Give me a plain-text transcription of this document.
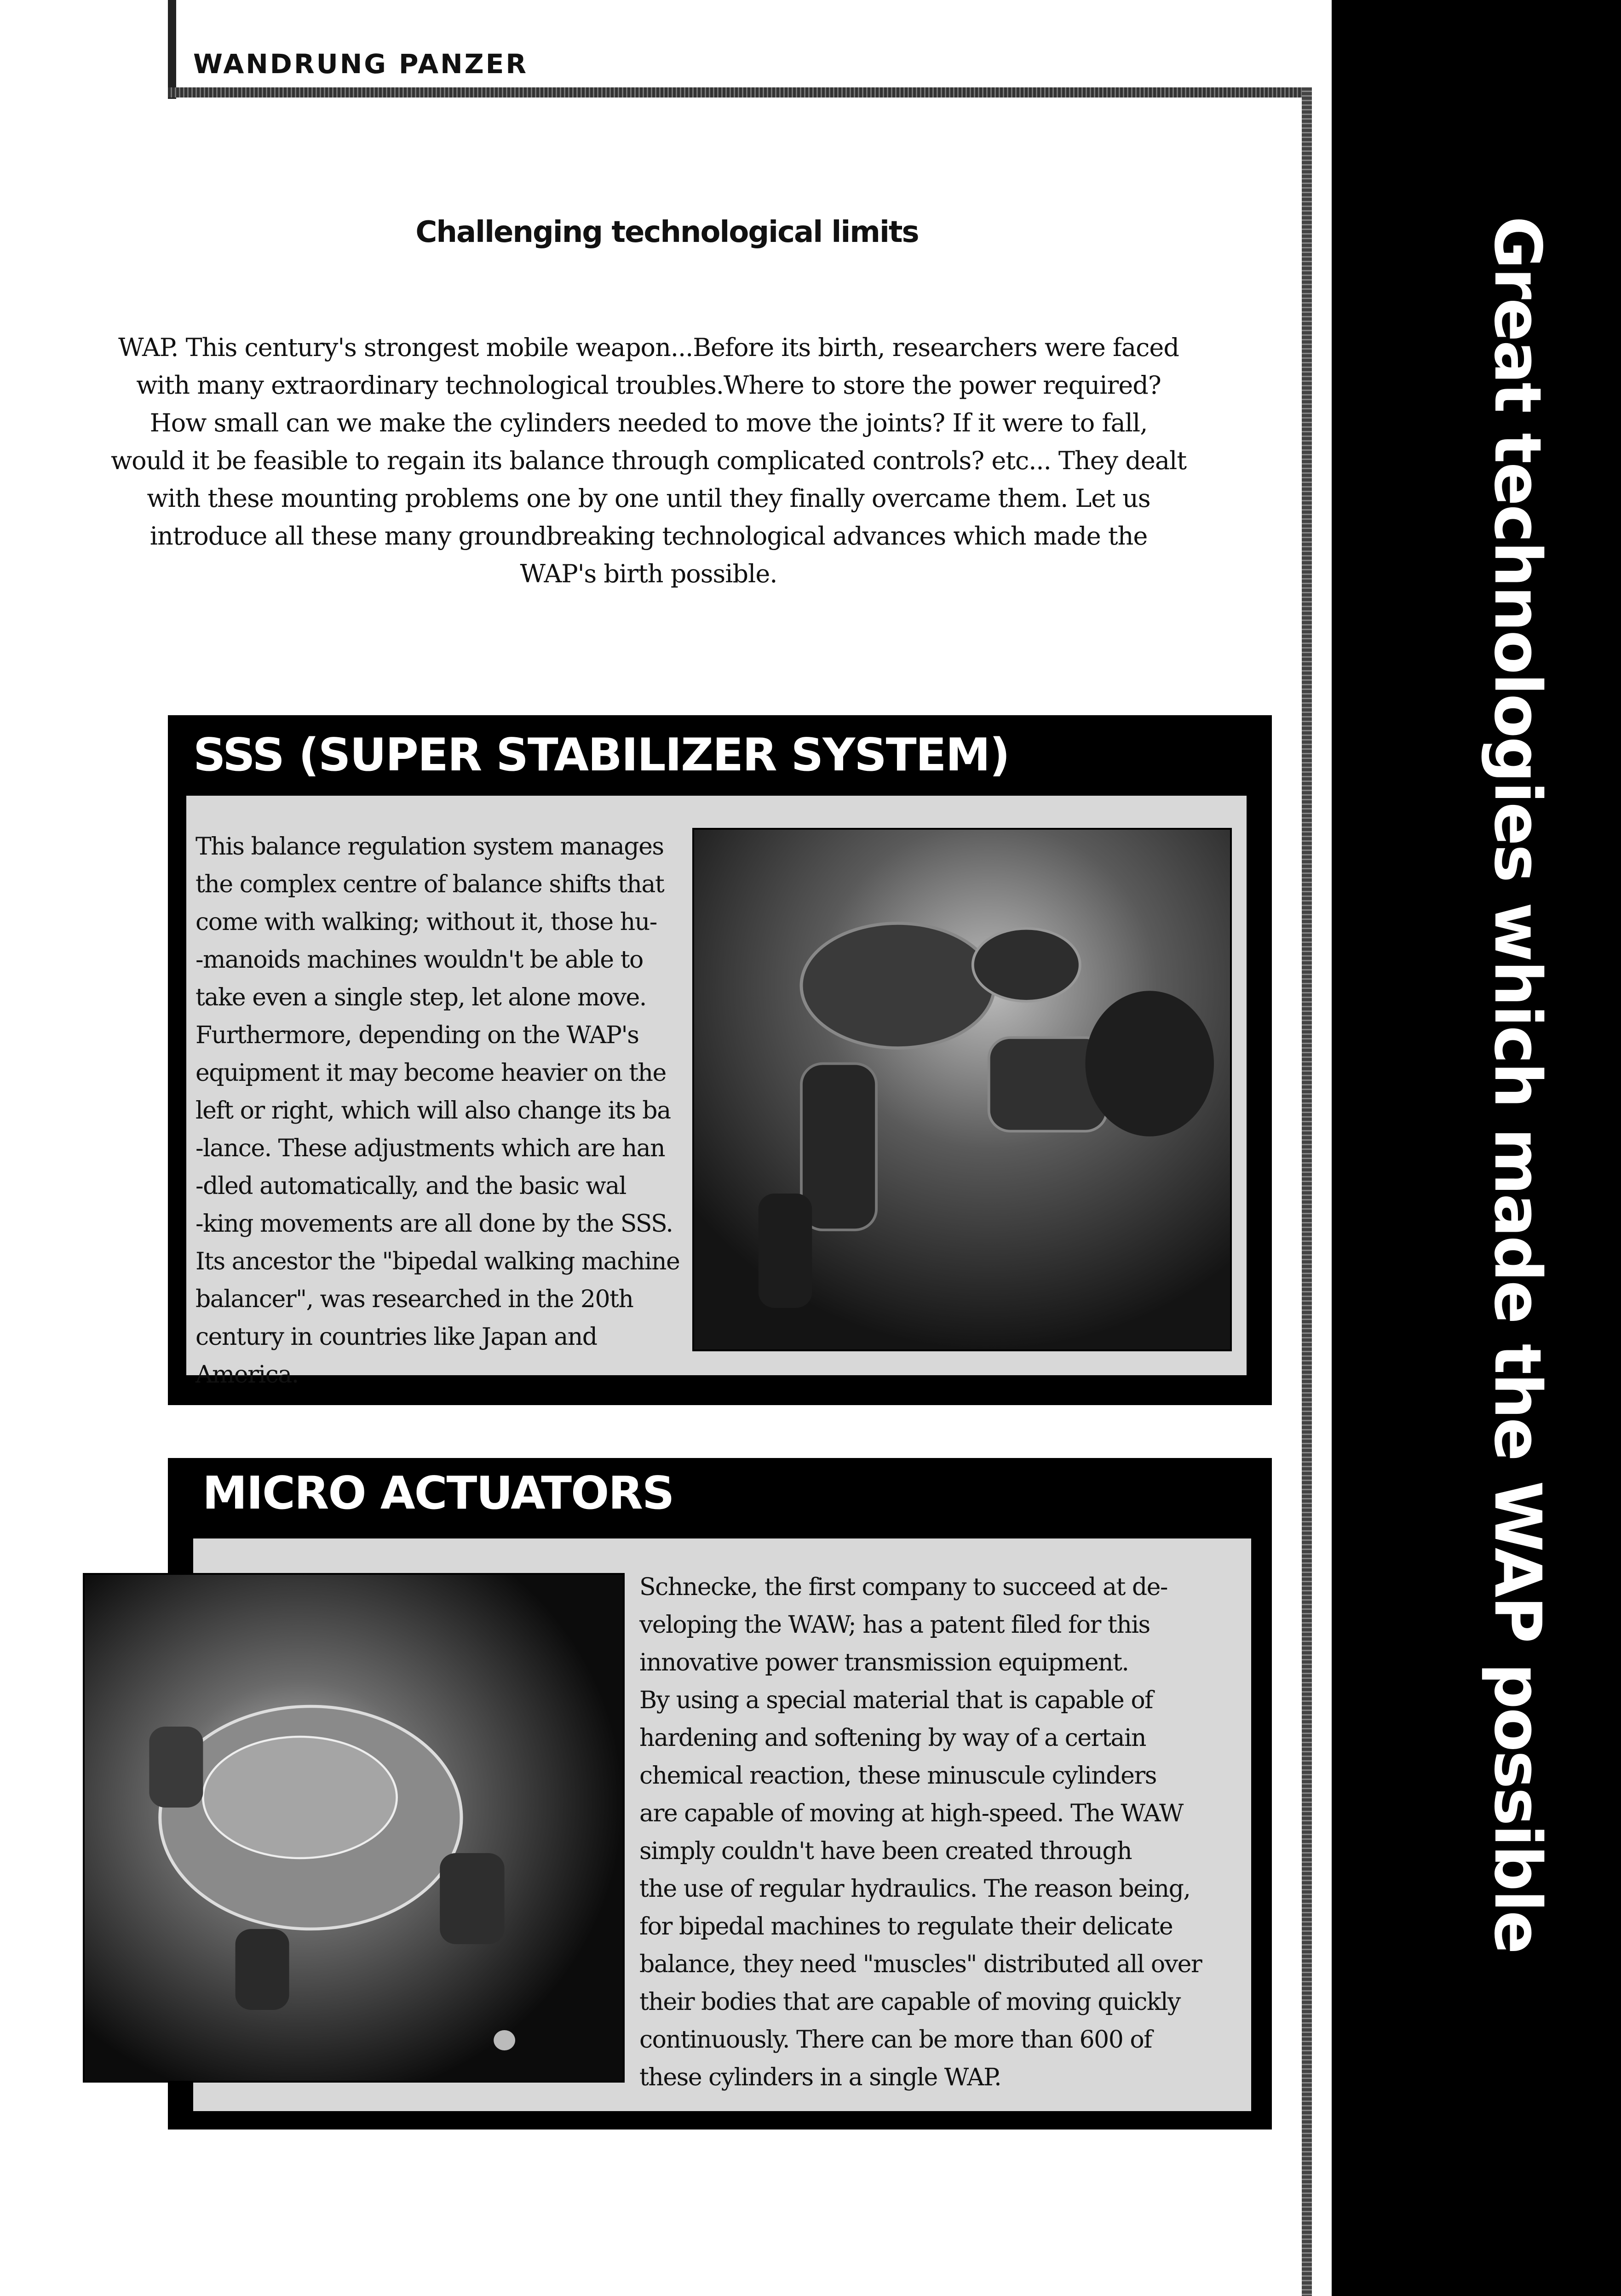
WANDRUNG PANZER
Great technologies which made the WAP possible
Challenging technological limits
WAP. This century's strongest mobile weapon...Before its birth, researchers were faced with many extraordinary technological troubles.Where to store the power required? How small can we make the cylinders needed to move the joints? If it were to fall, would it be feasible to regain its balance through complicated controls? etc... They dealt with these mounting problems one by one until they finally overcame them. Let us introduce all these many groundbreaking technological advances which made the WAP's birth possible.
SSS (SUPER STABILIZER SYSTEM)
This balance regulation system manages
the complex centre of balance shifts that
come with walking; without it, those hu-
-manoids machines wouldn't be able to
take even a single step, let alone move.
Furthermore, depending on the WAP's
equipment it may become heavier on the
left or right, which will also change its ba
-lance. These adjustments which are han
-dled automatically, and the basic wal
-king movements are all done by the SSS.
Its ancestor the "bipedal walking machine
balancer", was researched in the 20th
century in countries like Japan and
America.
MICRO ACTUATORS
Schnecke, the first company to succeed at de-
veloping the WAW; has a patent filed for this
innovative power transmission equipment.
By using a special material that is capable of
hardening and softening by way of a certain
chemical reaction, these minuscule cylinders
are capable of moving at high-speed. The WAW
simply couldn't have been created through
the use of regular hydraulics. The reason being,
for bipedal machines to regulate their delicate
balance, they need "muscles" distributed all over
their bodies that are capable of moving quickly
continuously. There can be more than 600 of
these cylinders in a single WAP.
